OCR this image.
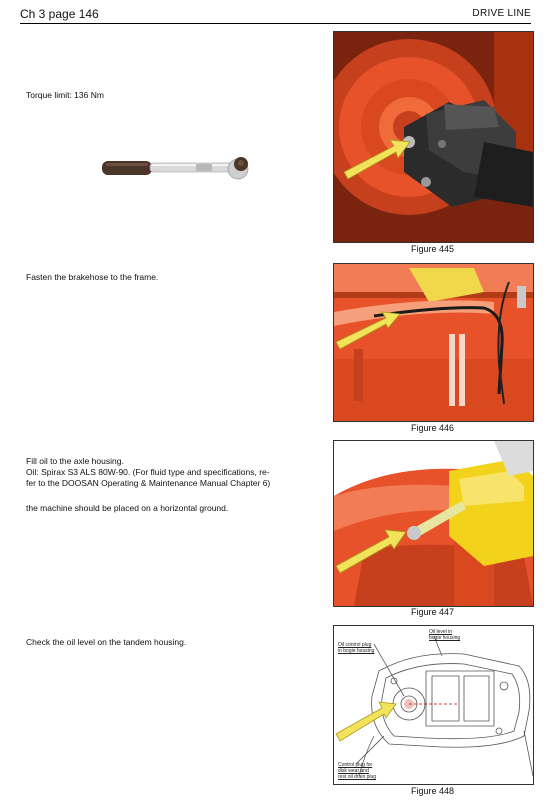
Ch 3 page 146	DRIVE LINE
Torque limit: 136 Nm
Figure 445
Fasten the brakehose to the frame.
Figure 446
Fill oil to the axle housing.
Oil: Spirax S3 ALS 80W-90. (For fluid type and specifications, re-
fer to the DOOSAN Operating & Maintenance Manual Chapter 6)
the machine should be placed on a horizontal ground.
Figure 447
Check the oil level on the tandem housing.
Oil level in
bogie housing
Oil control plug
in bogie housing
Control plug for
disk wear and
rest oil drain plug
Figure 448
